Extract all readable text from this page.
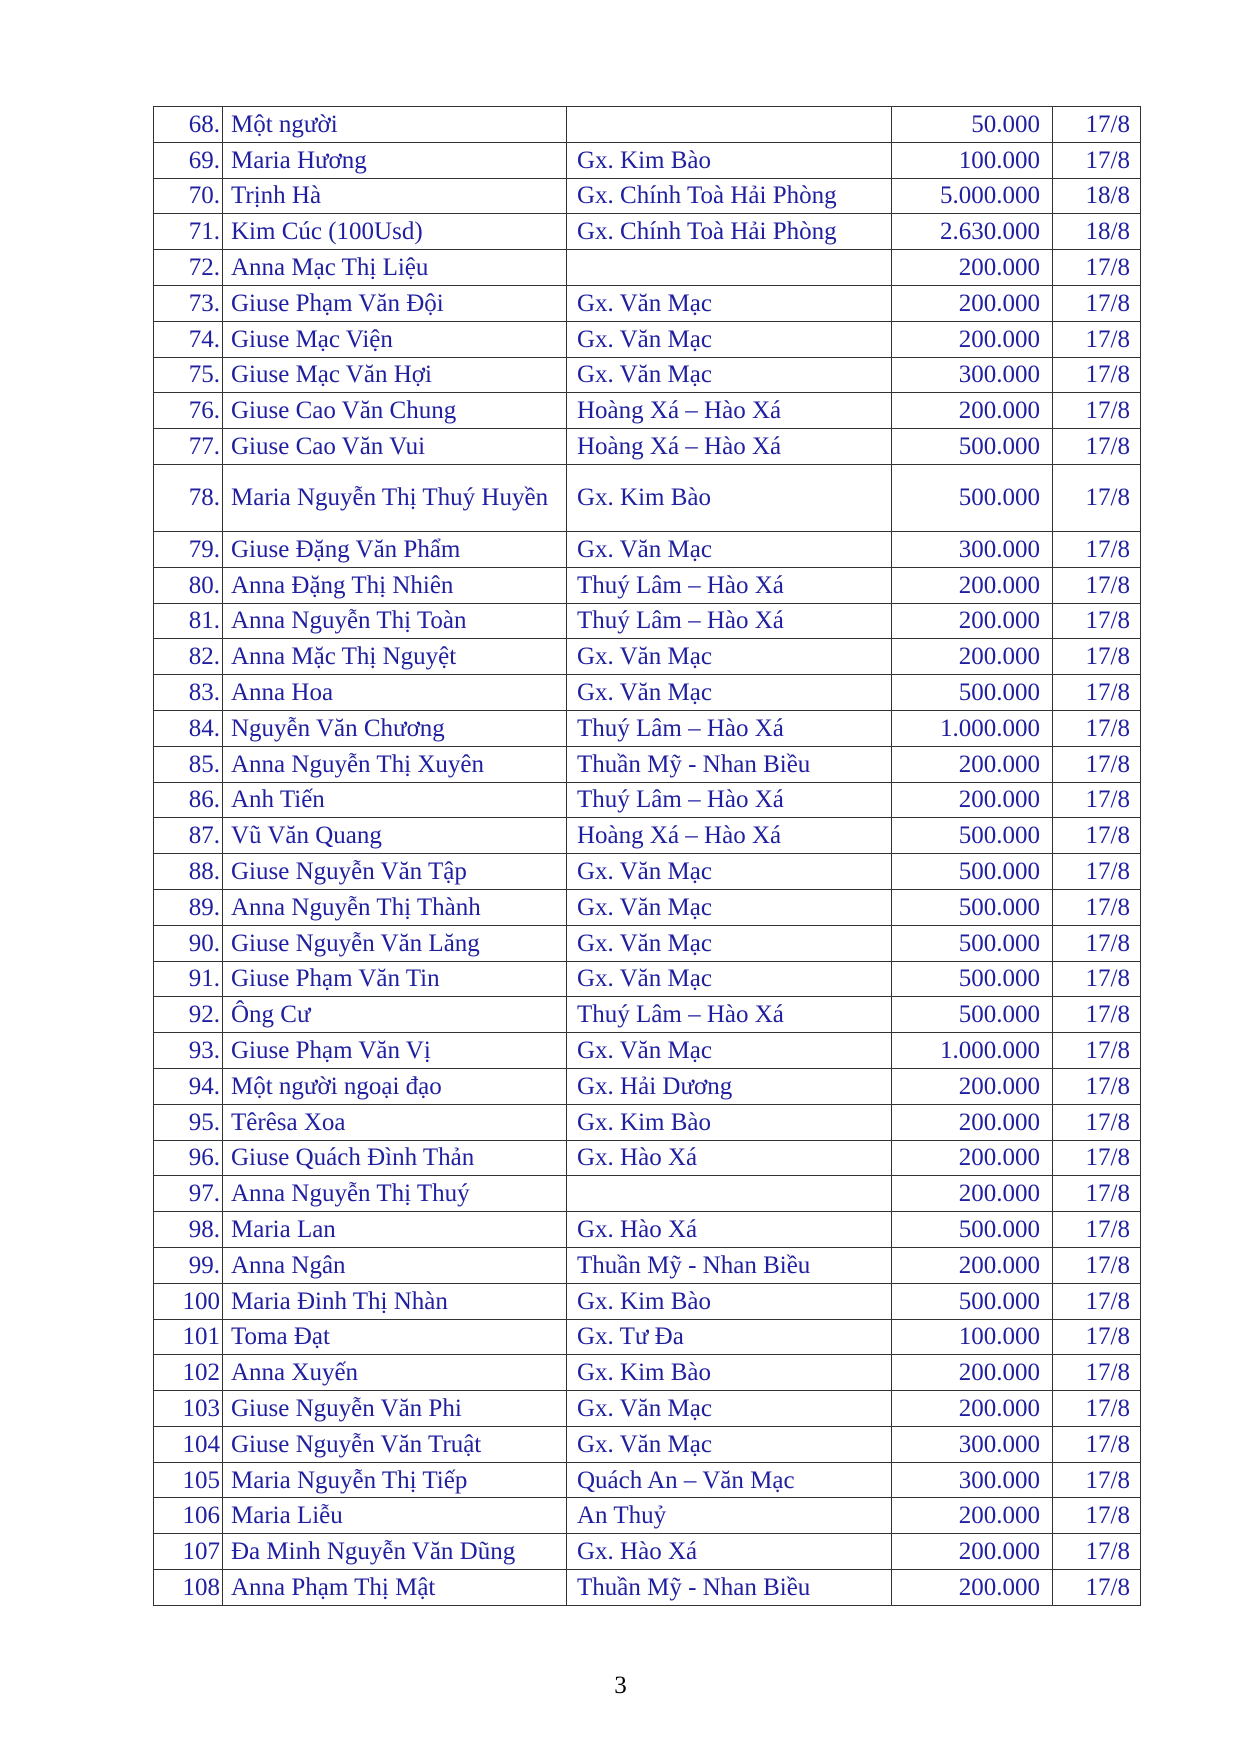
68.	Một người		50.000	17/8
69.	Maria Hương	Gx. Kim Bào	100.000	17/8
70.	Trịnh Hà	Gx. Chính Toà Hải Phòng	5.000.000	18/8
71.	Kim Cúc (100Usd)	Gx. Chính Toà Hải Phòng	2.630.000	18/8
72.	Anna Mạc Thị Liệu		200.000	17/8
73.	Giuse Phạm Văn Đội	Gx. Văn Mạc	200.000	17/8
74.	Giuse Mạc Viện	Gx. Văn Mạc	200.000	17/8
75.	Giuse Mạc Văn Hợi	Gx. Văn Mạc	300.000	17/8
76.	Giuse Cao Văn Chung	Hoàng Xá – Hào Xá	200.000	17/8
77.	Giuse Cao Văn Vui	Hoàng Xá – Hào Xá	500.000	17/8
78.	Maria Nguyễn Thị Thuý Huyền	Gx. Kim Bào	500.000	17/8
79.	Giuse Đặng Văn Phẩm	Gx. Văn Mạc	300.000	17/8
80.	Anna Đặng Thị Nhiên	Thuý Lâm – Hào Xá	200.000	17/8
81.	Anna Nguyễn Thị Toàn	Thuý Lâm – Hào Xá	200.000	17/8
82.	Anna Mặc Thị Nguyệt	Gx. Văn Mạc	200.000	17/8
83.	Anna Hoa	Gx. Văn Mạc	500.000	17/8
84.	Nguyễn Văn Chương	Thuý Lâm – Hào Xá	1.000.000	17/8
85.	Anna Nguyễn Thị Xuyên	Thuần Mỹ - Nhan Biều	200.000	17/8
86.	Anh Tiến	Thuý Lâm – Hào Xá	200.000	17/8
87.	Vũ Văn Quang	Hoàng Xá – Hào Xá	500.000	17/8
88.	Giuse Nguyễn Văn Tập	Gx. Văn Mạc	500.000	17/8
89.	Anna Nguyễn Thị Thành	Gx. Văn Mạc	500.000	17/8
90.	Giuse Nguyễn Văn Lăng	Gx. Văn Mạc	500.000	17/8
91.	Giuse Phạm Văn Tin	Gx. Văn Mạc	500.000	17/8
92.	Ông Cư	Thuý Lâm – Hào Xá	500.000	17/8
93.	Giuse Phạm Văn Vị	Gx. Văn Mạc	1.000.000	17/8
94.	Một người ngoại đạo	Gx. Hải Dương	200.000	17/8
95.	Têrêsa Xoa	Gx. Kim Bào	200.000	17/8
96.	Giuse Quách Đình Thản	Gx. Hào Xá	200.000	17/8
97.	Anna Nguyễn Thị Thuý		200.000	17/8
98.	Maria Lan	Gx. Hào Xá	500.000	17/8
99.	Anna Ngân	Thuần Mỹ - Nhan Biều	200.000	17/8
100	Maria Đinh Thị Nhàn	Gx. Kim Bào	500.000	17/8
101	Toma Đạt	Gx. Tư Đa	100.000	17/8
102	Anna Xuyến	Gx. Kim Bào	200.000	17/8
103	Giuse Nguyễn Văn Phi	Gx. Văn Mạc	200.000	17/8
104	Giuse Nguyễn Văn Truật	Gx. Văn Mạc	300.000	17/8
105	Maria Nguyễn Thị Tiếp	Quách An – Văn Mạc	300.000	17/8
106	Maria Liễu	An Thuỷ	200.000	17/8
107	Đa Minh Nguyễn Văn Dũng	Gx. Hào Xá	200.000	17/8
108	Anna Phạm Thị Mật	Thuần Mỹ - Nhan Biều	200.000	17/8
3
